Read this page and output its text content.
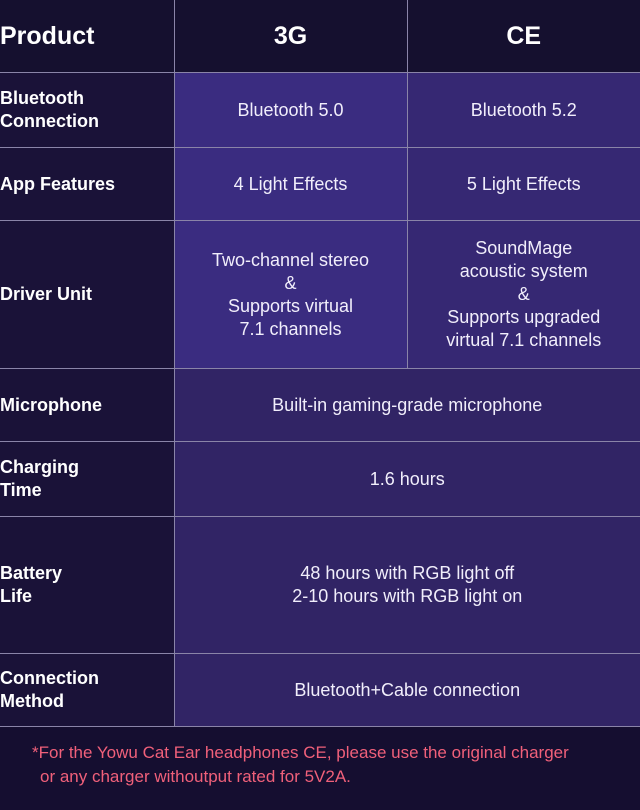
Product	3G	CE

Bluetooth
Connection	Bluetooth 5.0	Bluetooth 5.2

App Features	4 Light Effects	5 Light Effects

Driver Unit	Two-channel stereo
&
Supports virtual
7.1 channels	SoundMage
acoustic system
&
Supports upgraded
virtual 7.1 channels

Microphone	Built-in gaming-grade microphone	

Charging
Time	1.6 hours	

Battery
Life	48 hours with RGB light off
2-10 hours with RGB light on	

Connection
Method	Bluetooth+Cable connection	

*For the Yowu Cat Ear headphones CE, please use the original charger
or any charger withoutput rated for 5V2A.
